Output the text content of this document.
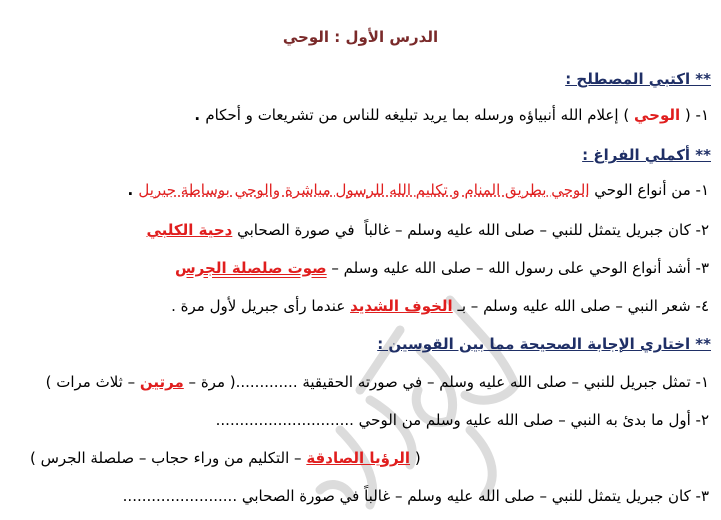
الدرس الأول : الوحي
** اكتبي المصطلح :
١- ( الوحي ) إعلام الله أنبياؤه ورسله بما يريد تبليغه للناس من تشريعات و أحكام .
** أكملي الفراغ :
١- من أنواع الوحي الوحي بطريق المنام و تكليم الله للرسول مباشرة والوحي بوساطة جبريل .
٢- كان جبريل يتمثل للنبي – صلى الله عليه وسلم – غالباً  في صورة الصحابي دحية الكلبي
٣- أشد أنواع الوحي على رسول الله – صلى الله عليه وسلم – صوت صلصلة الجرس
٤- شعر النبي – صلى الله عليه وسلم – بـ الخوف الشديد عندما رأى جبريل لأول مرة .
** اختاري الإجابة الصحيحة مما بين القوسين :
١- تمثل جبريل للنبي – صلى الله عليه وسلم – في صورته الحقيقية .............( مرة – مرتين – ثلاث مرات )
٢- أول ما بدئ به النبي – صلى الله عليه وسلم من الوحي .............................
( الرؤيا الصادقة – التكليم من وراء حجاب – صلصلة الجرس )
٣- كان جبريل يتمثل للنبي – صلى الله عليه وسلم – غالباً في صورة الصحابي ........................
